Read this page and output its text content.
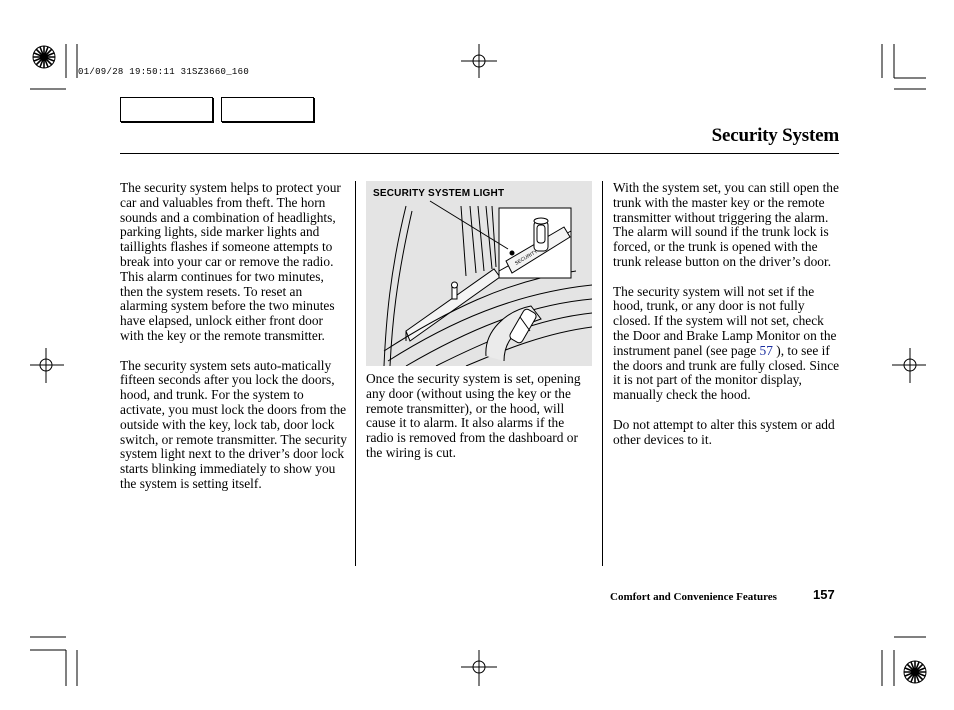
01/09/28 19:50:11 31SZ3660_160
Security System

The security system helps to protect your car and valuables from theft. The horn sounds and a combination of headlights, parking lights, side marker lights and taillights flashes if someone attempts to break into your car or remove the radio. This alarm continues for two minutes, then the system resets. To reset an alarming system before the two minutes have elapsed, unlock either front door with the key or the remote transmitter.

The security system sets auto-matically fifteen seconds after you lock the doors, hood, and trunk. For the system to activate, you must lock the doors from the outside with the key, lock tab, door lock switch, or remote transmitter. The security system light next to the driver’s door lock starts blinking immediately to show you the system is setting itself.

SECURITY SYSTEM LIGHT
SECURITY

Once the security system is set, opening any door (without using the key or the remote transmitter), or the hood, will cause it to alarm. It also alarms if the radio is removed from the dashboard or the wiring is cut.

With the system set, you can still open the trunk with the master key or the remote transmitter without triggering the alarm. The alarm will sound if the trunk lock is forced, or the trunk is opened with the trunk release button on the driver’s door.

The security system will not set if the hood, trunk, or any door is not fully closed. If the system will not set, check the Door and Brake Lamp Monitor on the instrument panel (see page 57 ), to see if the doors and trunk are fully closed. Since it is not part of the monitor display, manually check the hood.

Do not attempt to alter this system or add other devices to it.

Comfort and Convenience Features	157
